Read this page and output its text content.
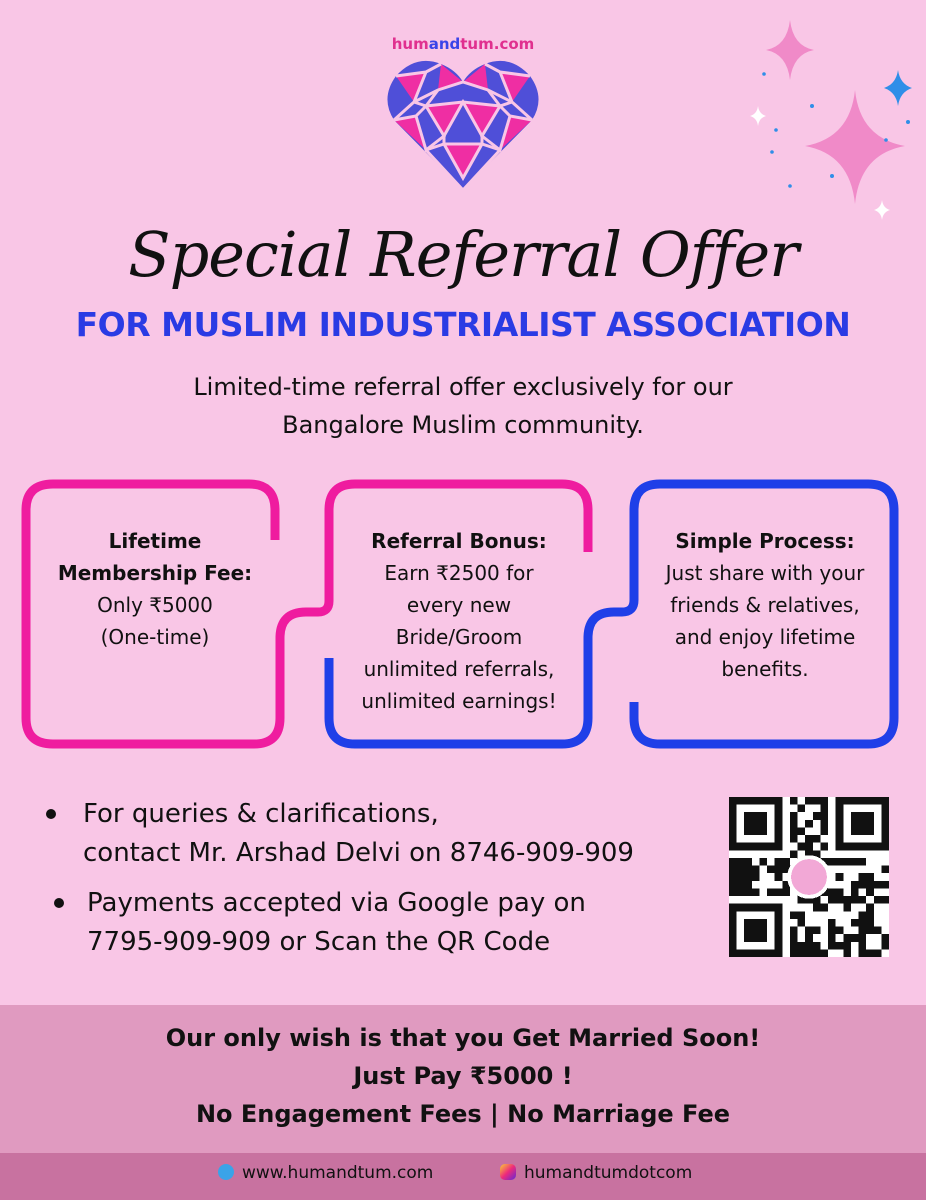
humandtum.com
Special Referral Offer
FOR MUSLIM INDUSTRIALIST ASSOCIATION
Limited-time referral offer exclusively for our
Bangalore Muslim community.
Lifetime
Membership Fee:
Only ₹5000
(One-time)
Referral Bonus:
Earn ₹2500 for
every new
Bride/Groom
unlimited referrals,
unlimited earnings!
Simple Process:
Just share with your
friends & relatives,
and enjoy lifetime
benefits.
For queries & clarifications,
contact Mr. Arshad Delvi on 8746-909-909
Payments accepted via Google pay on
7795-909-909 or Scan the QR Code
Our only wish is that you Get Married Soon!
Just Pay ₹5000 !
No Engagement Fees | No Marriage Fee
www.humandtum.com	humandtumdotcom
